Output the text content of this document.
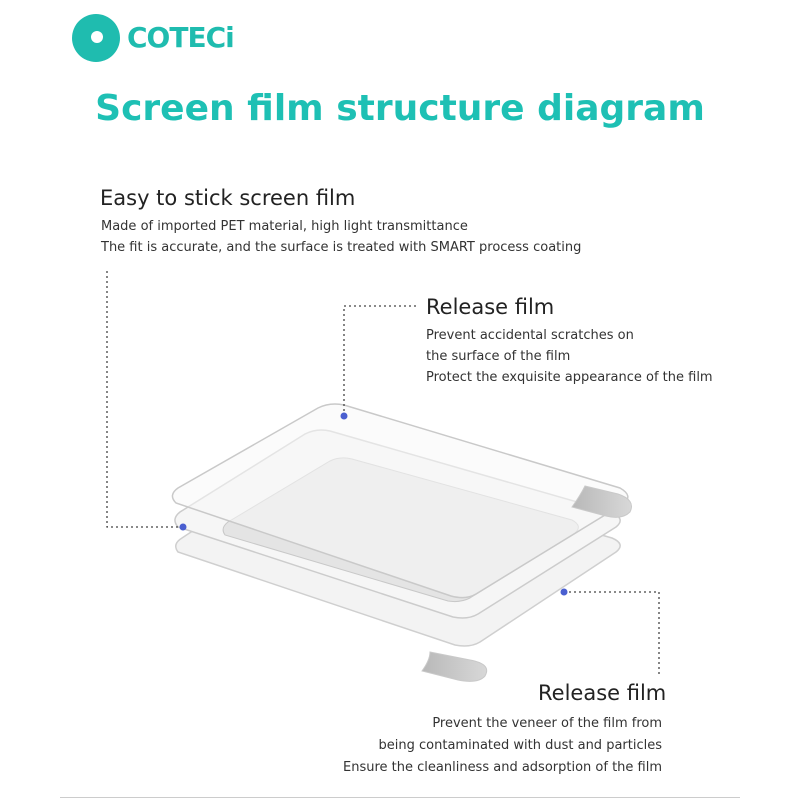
COTECi
Screen film structure diagram
Easy to stick screen film
Made of imported PET material, high light transmittance
The fit is accurate, and the surface is treated with SMART process coating
Release film
Prevent accidental scratches on
the surface of the film
Protect the exquisite appearance of the film
Release film
Prevent the veneer of the film from
being contaminated with dust and particles
Ensure the cleanliness and adsorption of the film
